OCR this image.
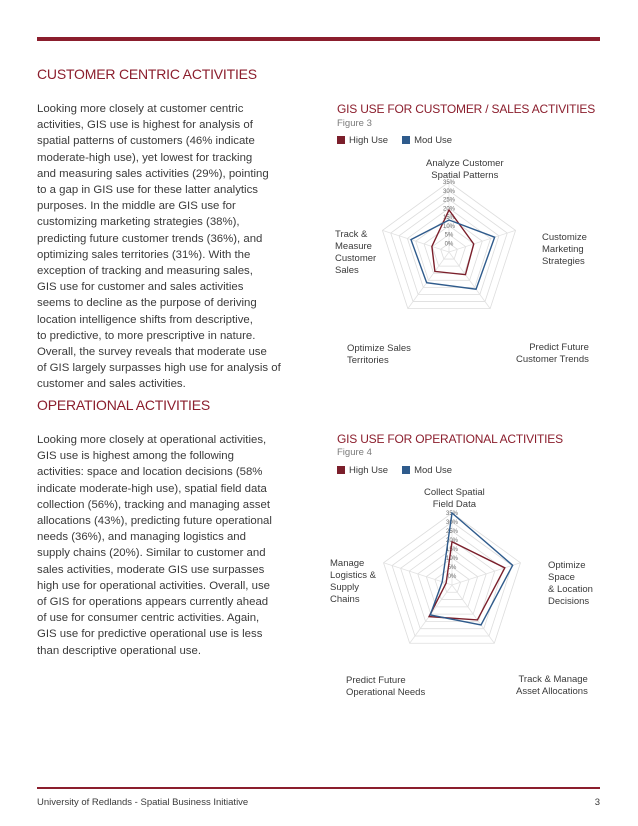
CUSTOMER CENTRIC ACTIVITIES

Looking more closely at customer centric
activities, GIS use is highest for analysis of
spatial patterns of customers (46% indicate
moderate-high use), yet lowest for tracking
and measuring sales activities (29%), pointing
to a gap in GIS use for these latter analytics
purposes. In the middle are GIS use for
customizing marketing strategies (38%),
predicting future customer trends (36%), and
optimizing sales territories (31%). With the
exception of tracking and measuring sales,
GIS use for customer and sales activities
seems to decline as the purpose of deriving
location intelligence shifts from descriptive,
to predictive, to more prescriptive in nature.
Overall, the survey reveals that moderate use
of GIS largely surpasses high use for analysis of
customer and sales activities.

GIS USE FOR CUSTOMER / SALES ACTIVITIES
Figure 3
High Use	Mod Use
0%
5%
10%
15%
20%
25%
30%
35%
Analyze Customer
Spatial Patterns
Customize
Marketing
Strategies
Predict Future
Customer Trends
Optimize Sales
Territories
Track &
Measure
Customer
Sales
OPERATIONAL ACTIVITIES

Looking more closely at operational activities,
GIS use is highest among the following
activities: space and location decisions (58%
indicate moderate-high use), spatial field data
collection (56%), tracking and managing asset
allocations (43%), predicting future operational
needs (36%), and managing logistics and
supply chains (20%). Similar to customer and
sales activities, moderate GIS use surpasses
high use for operational activities. Overall, use
of GIS for operations appears currently ahead
of use for consumer centric activities. Again,
GIS use for predictive operational use is less
than descriptive operational use.

GIS USE FOR OPERATIONAL ACTIVITIES
Figure 4
High Use	Mod Use
0%
5%
10%
15%
20%
25%
30%
35%
Collect Spatial
Field Data
Optimize
Space
& Location
Decisions
Track & Manage
Asset Allocations
Predict Future
Operational Needs
Manage
Logistics &
Supply
Chains
University of Redlands - Spatial Business Initiative	3
